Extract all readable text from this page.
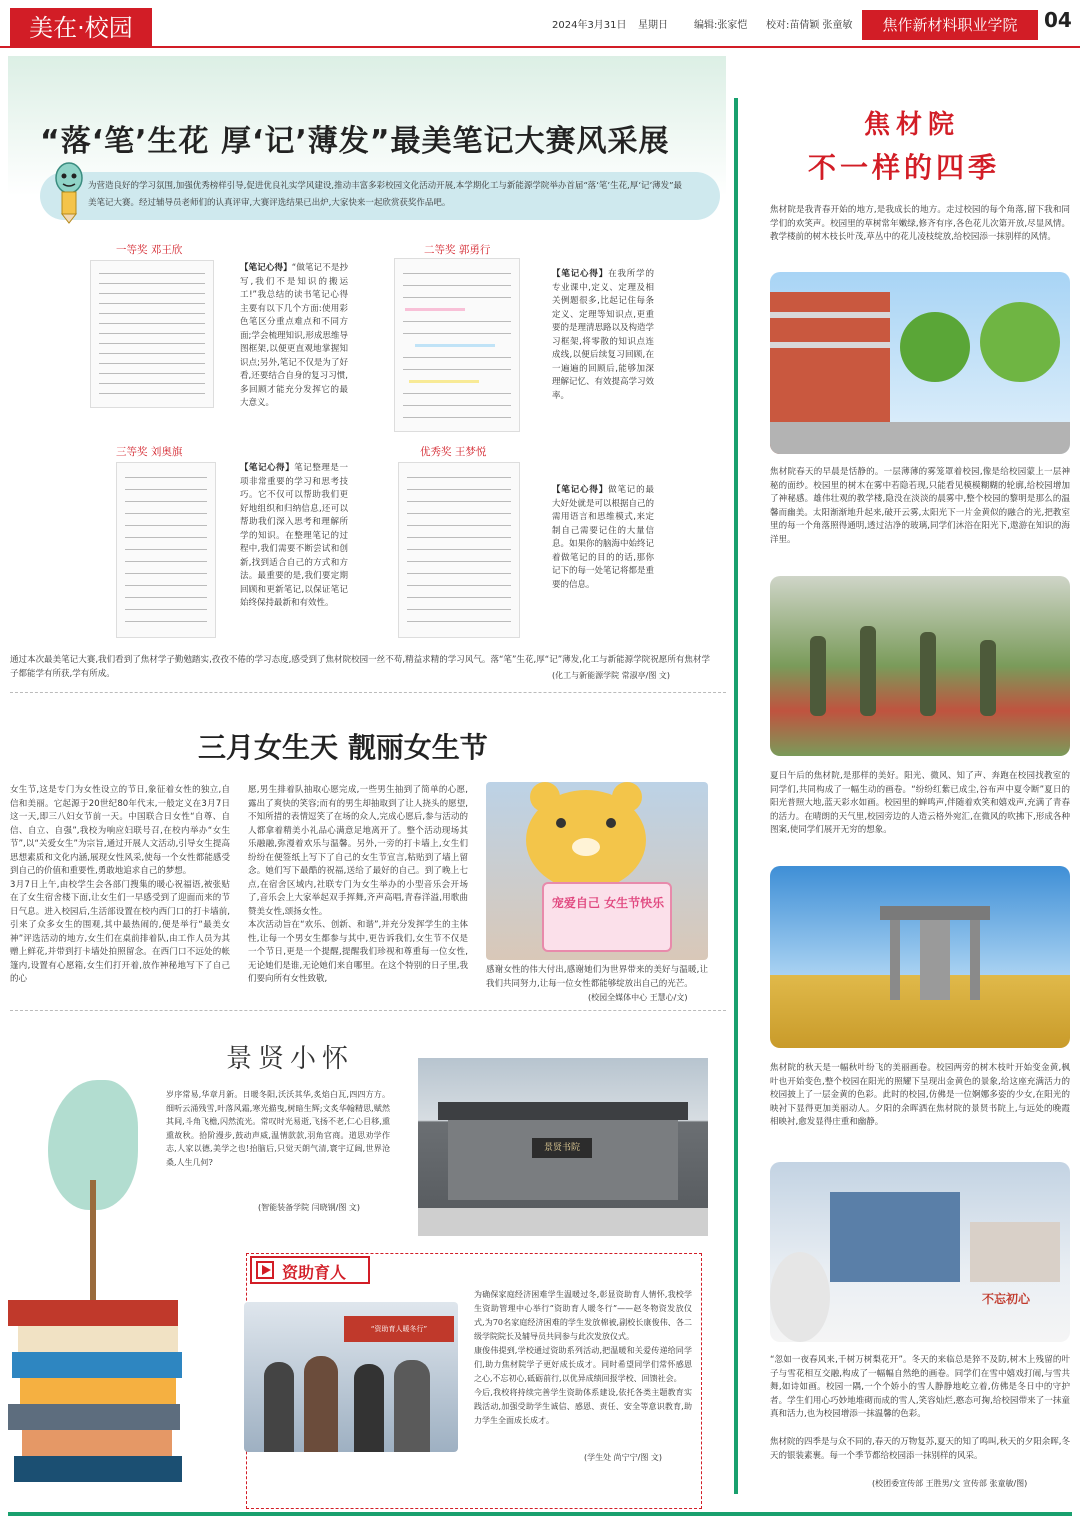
美在·校园	2024年3月31日 星期日	编辑:张家恺 校对:苗倩颖 张童敏	焦作新材料职业学院	04
“落‘笔’生花 厚‘记’薄发”最美笔记大赛风采展
为营造良好的学习氛围,加强优秀榜样引导,促进优良礼实学风建设,推动丰富多彩校园文化活动开展,本学期化工与新能源学院举办首届“落‘笔’生花,厚‘记’薄发”最美笔记大赛。经过辅导员老师们的认真评审,大赛评选结果已出炉,大家快来一起欣赏获奖作品吧。
一等奖 邓王欣
【笔记心得】“做笔记不是抄写,我们不是知识的搬运工!”我总结的读书笔记心得主要有以下几个方面:使用彩色笔区分重点难点和不同方面;学会梳理知识,形成思维导图框架,以便更直观地掌握知识点;另外,笔记不仅是为了好看,还要结合自身的复习习惯,多回顾才能充分发挥它的最大意义。
二等奖 郭勇行
【笔记心得】在我所学的专业课中,定义、定理及相关例题很多,比起记住每条定义、定理等知识点,更重要的是理清思路以及构造学习框架,将零散的知识点连成线,以便后续复习回顾,在一遍遍的回顾后,能够加深理解记忆、有效提高学习效率。
三等奖 刘奥旗
【笔记心得】笔记整理是一项非常重要的学习和思考技巧。它不仅可以帮助我们更好地组织和归纳信息,还可以帮助我们深入思考和理解所学的知识。在整理笔记的过程中,我们需要不断尝试和创新,找到适合自己的方式和方法。最重要的是,我们要定期回顾和更新笔记,以保证笔记始终保持最新和有效性。
优秀奖 王梦悦
【笔记心得】做笔记的最大好处就是可以根据自己的需用语言和思维模式,来定制自己需要记住的大量信息。如果你的脑海中始终记着做笔记的目的的话,那你记下的每一处笔记将都是重要的信息。
通过本次最美笔记大赛,我们看到了焦材学子勤勉踏实,孜孜不倦的学习态度,感受到了焦材院校园一丝不苟,精益求精的学习风气。落“笔”生花,厚“记”薄发,化工与新能源学院祝愿所有焦材学子都能学有所获,学有所成。	(化工与新能源学院 常淑亭/图 文)
三月女生天 靓丽女生节
女生节,这是专门为女性设立的节日,象征着女性的独立,自信和美丽。它起源于20世纪80年代末,一般定义在3月7日这一天,即三八妇女节前一天。中国联合日女性“自尊、自信、自立、自强”,我校为响应妇联号召,在校内举办“女生节”,以“关爱女生”为宗旨,通过开展人文活动,引导女生提高思想素质和文化内涵,展现女性风采,使每一个女性都能感受到自己的价值和重要性,勇敢地追求自己的梦想。
3月7日上午,由校学生会各部门搜集的暖心祝福语,被张贴在了女生宿舍楼下面,让女生们一早感受到了迎面而来的节日气息。进入校园后,生活部设置在校内西门口的打卡墙前,引来了众多女生的围观,其中最热闹的,便是举行“最美女神”评选活动的地方,女生们在桌前排着队,由工作人员为其赠上鲜花,并带到打卡墙处拍照留念。在西门口不远处的帐篷内,设置有心愿箱,女生们打开着,放作神秘地写下了自己的心
愿,男生排着队抽取心愿完成,一些男生抽到了简单的心愿,露出了爽快的笑容;而有的男生却抽取到了让人挠头的愿望,不知所措的表情逗笑了在场的众人,完成心愿后,参与活动的人都拿着精美小礼品心满意足地离开了。整个活动现场其乐融融,弥漫着欢乐与温馨。另外,一旁的打卡墙上,女生们纷纷在便签纸上写下了自己的女生节宣言,粘贴到了墙上留念。她们写下最酷的祝福,送给了最好的自己。到了晚上七点,在宿舍区域内,社联专门为女生举办的小型音乐会开场了,音乐会上大家举起双手挥舞,齐声高唱,青春洋溢,用歌曲赞美女性,颂扬女性。
本次活动旨在“欢乐、创新、和谐”,并充分发挥学生的主体性,让每一个男女生都参与其中,更告诉我们,女生节不仅是一个节日,更是一个提醒,提醒我们珍视和尊重每一位女性,无论她们是谁,无论她们来自哪里。在这个特别的日子里,我们要向所有女性致敬,
宠爱自己 女生节快乐
感谢女性的伟大付出,感谢她们为世界带来的美好与温暖,让我们共同努力,让每一位女性都能够绽放出自己的光芒。
(校园全媒体中心 王慧心/文)
景贤小怀
岁序常易,华章月新。日暖冬阳,沃沃其华,炙焰白瓦,四四方方。细听云涌残雪,叶落风霜,寒光描曳,树暗生辉;文炙华翰精思,赋然其间,斗角飞檐,闪然流光。常叹时光易逝,飞扬不老,仁心目移,熏熏故秋。拾阶漫步,鼓动声威,温情款款,羽角官商。道思劝学作志,人家以德,美学之也!抬脑后,只觉天朗气清,寰宇辽阔,世界沧桑,人生几何?
(智能装备学院 闫晓钢/图 文)
景贤书院
资助育人
“资助育人暖冬行”
为确保家庭经济困难学生温暖过冬,彰显资助育人情怀,我校学生资助管理中心举行“资助育人暖冬行”——赵冬物资发放仪式,为70名家庭经济困难的学生发放棉被,副校长康俊伟、各二级学院院长及辅导员共同参与此次发放仪式。
康俊伟提到,学校通过资助系列活动,把温暖和关爱传递给同学们,助力焦材院学子更好成长成才。同时希望同学们常怀感恩之心,不忘初心,砥砺前行,以优异成绩回报学校、回馈社会。
今后,我校将持续完善学生资助体系建设,依托各类主题教育实践活动,加强受助学生诚信、感恩、责任、安全等意识教育,助力学生全面成长成才。
(学生处 尚宁宁/图 文)
焦材院
不一样的四季
焦材院是我青春开始的地方,是我成长的地方。走过校园的每个角落,留下我和同学们的欢笑声。校园里的草树常年嫩绿,修齐有序,各色花儿次第开放,尽显风情。教学楼前的树木枝长叶茂,草丛中的花儿凌枝绽放,给校园添一抹别样的风情。
焦材院春天的早晨是恬静的。一层薄薄的雾笼罩着校园,像是给校园蒙上一层神秘的面纱。校园里的树木在雾中若隐若现,只能看见模模糊糊的轮廓,给校园增加了神秘感。雄伟壮观的教学楼,隐没在淡淡的晨雾中,整个校园的黎明是那么的温馨而幽美。太阳渐渐地升起来,破开云雾,太阳光下一片金黄似的融合的光,把教室里的每一个角落照得通明,透过洁净的玻璃,同学们沐浴在阳光下,遨游在知识的海洋里。
夏日午后的焦材院,是那样的美好。阳光、微风、知了声、奔跑在校园找教室的同学们,共同构成了一幅生动的画卷。“纷纷红紫已成尘,谷布声中夏令断”夏日的阳光普照大地,蓝天彩水如画。校园里的蝉鸣声,伴随着欢笑和嬉戏声,充满了青春的活力。在晴朗的天气里,校园旁边的人造云格外宛汇,在微风的吹拂下,形成各种图案,使同学们展开无穷的想象。
焦材院的秋天是一幅秋叶纷飞的美丽画卷。校园两旁的树木枝叶开始变金黄,枫叶也开始变色,整个校园在阳光的照耀下呈现出金黄色的景象,给这座充满活力的校园披上了一层金黄的色彩。此时的校园,仿佛是一位婀娜多姿的少女,在阳光的映衬下显得更加美丽动人。夕阳的余晖洒在焦材院的景贤书院上,与远处的晚霞相映衬,愈发显得庄重和幽静。
不忘初心
“忽如一夜春风来,千树万树梨花开”。冬天的来临总是猝不及防,树木上残留的叶子与雪花相互交融,构成了一幅幅自然绝的画卷。同学们在雪中嬉戏打闹,与雪共舞,如诗如画。校园一隅,一个个娇小的雪人静静地屹立着,仿佛是冬日中的守护者。学生们用心巧妙地堆砌而成的雪人,笑容灿烂,憨态可掬,给校园带来了一抹童真和活力,也为校园增添一抹温馨的色彩。
焦材院的四季是与众不同的,春天的万物复苏,夏天的知了鸣叫,秋天的夕阳余晖,冬天的银装素裹。每一个季节都给校园添一抹别样的风采。
(校团委宣传部 王胜男/文 宣传部 张童敏/图)
